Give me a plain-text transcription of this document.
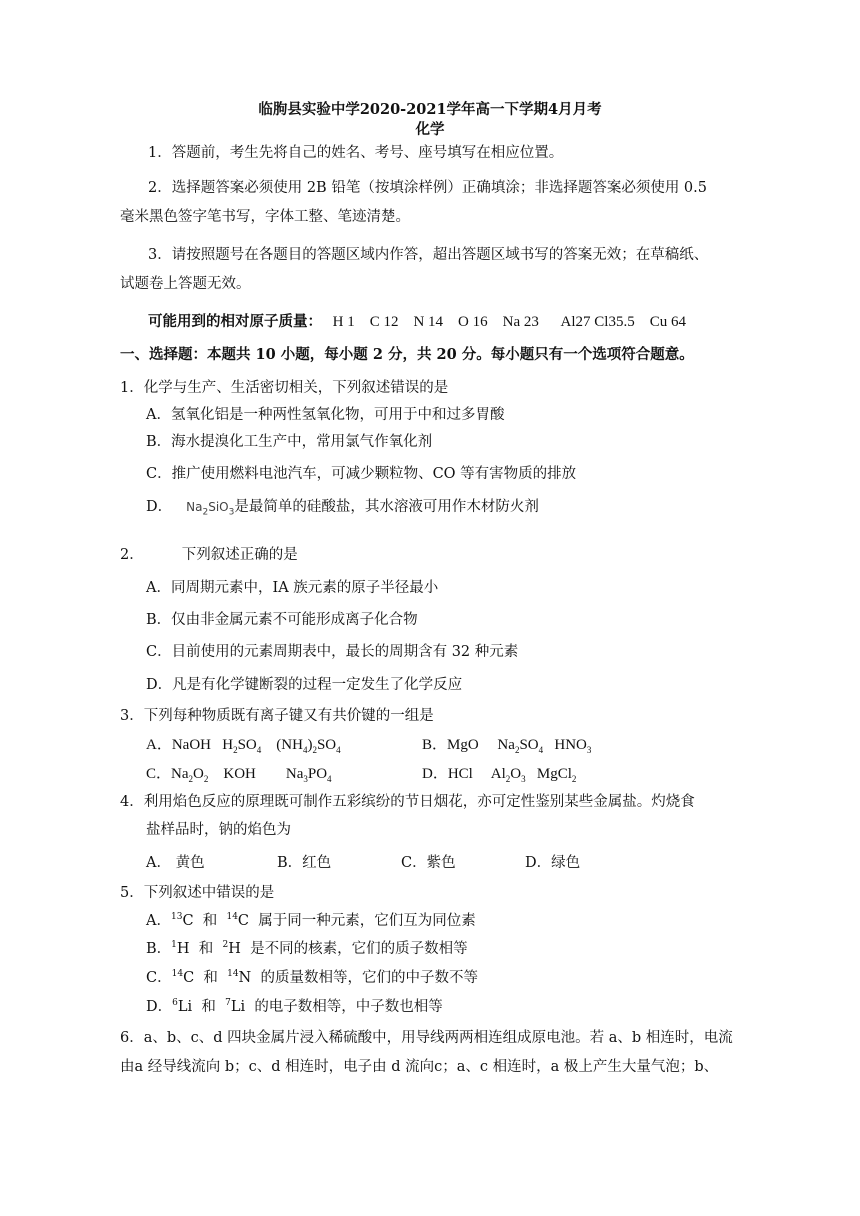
临朐县实验中学2020-2021学年高一下学期4月月考
化学
1．答题前，考生先将自己的姓名、考号、座号填写在相应位置。
2．选择题答案必须使用 2B 铅笔（按填涂样例）正确填涂；非选择题答案必须使用 0.5
毫米黑色签字笔书写，字体工整、笔迹清楚。
3．请按照题号在各题目的答题区域内作答，超出答题区域书写的答案无效；在草稿纸、
试题卷上答题无效。
可能用到的相对原子质量： H 1    C 12    N 14    O 16    Na 23      Al27 Cl35.5    Cu 64
一、选择题：本题共 10 小题，每小题 2 分，共 20 分。每小题只有一个选项符合题意。
1．化学与生产、生活密切相关，下列叙述错误的是
A．氢氧化铝是一种两性氢氧化物，可用于中和过多胃酸
B．海水提溴化工生产中，常用氯气作氧化剂
C．推广使用燃料电池汽车，可减少颗粒物、CO 等有害物质的排放
D． $Na_2SiO_3$是最简单的硅酸盐，其水溶液可用作木材防火剂
2．	下列叙述正确的是
A．同周期元素中，IA 族元素的原子半径最小
B．仅由非金属元素不可能形成离子化合物
C．目前使用的元素周期表中，最长的周期含有 32 种元素
D．凡是有化学键断裂的过程一定发生了化学反应
3．下列每种物质既有离子键又有共价键的一组是
A．NaOH   $H_2SO_4$    $(NH_4)_2SO_4$	B．MgO     $Na_2SO_4$   $HNO_3$
C．$Na_2O_2$    KOH        $Na_3PO_4$	D．HCl     $Al_2O_3$   MgCl$_2$
4．利用焰色反应的原理既可制作五彩缤纷的节日烟花，亦可定性鉴别某些金属盐。灼烧食
盐样品时，钠的焰色为
A． 黄色	B．红色	C．紫色	D．绿色
5．下列叙述中错误的是
A．$^{13}$C  和  $^{14}$C  属于同一种元素，它们互为同位素
B．$^1$H  和  $^2$H  是不同的核素，它们的质子数相等
C．$^{14}$C  和  $^{14}$N  的质量数相等，它们的中子数不等
D．$^6$Li  和  $^7$Li  的电子数相等，中子数也相等
6．a、b、c、d 四块金属片浸入稀硫酸中，用导线两两相连组成原电池。若 a、b 相连时，电流
由a 经导线流向 b；c、d 相连时，电子由 d 流向c；a、c 相连时，a 极上产生大量气泡；b、
